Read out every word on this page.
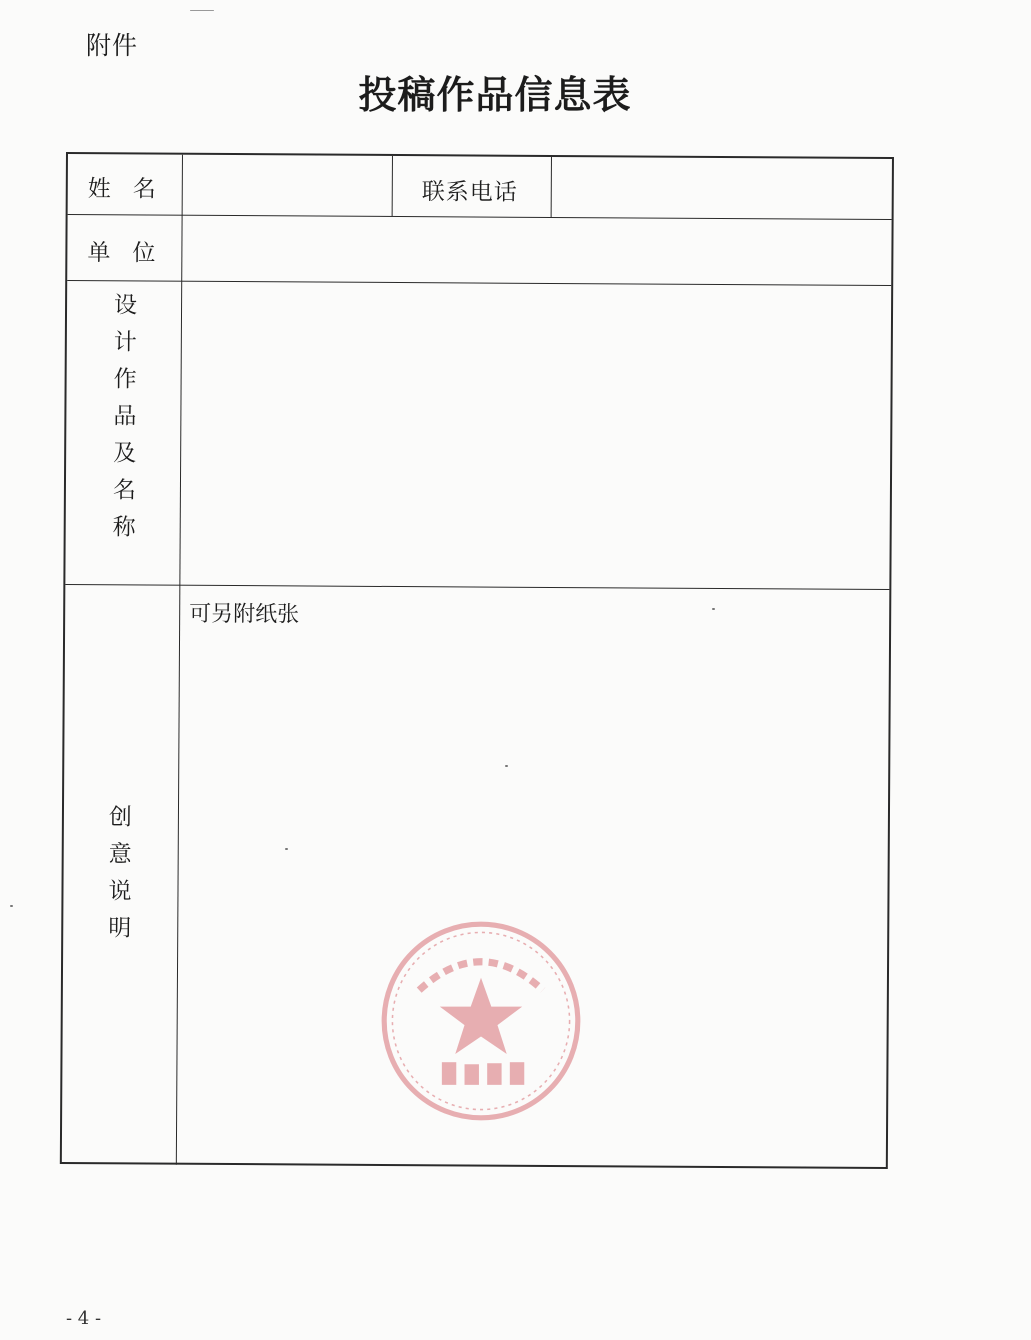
附件
投稿作品信息表
姓名	联系电话
单位
设计作品及名称
创意说明
可另附纸张
- 4 -
